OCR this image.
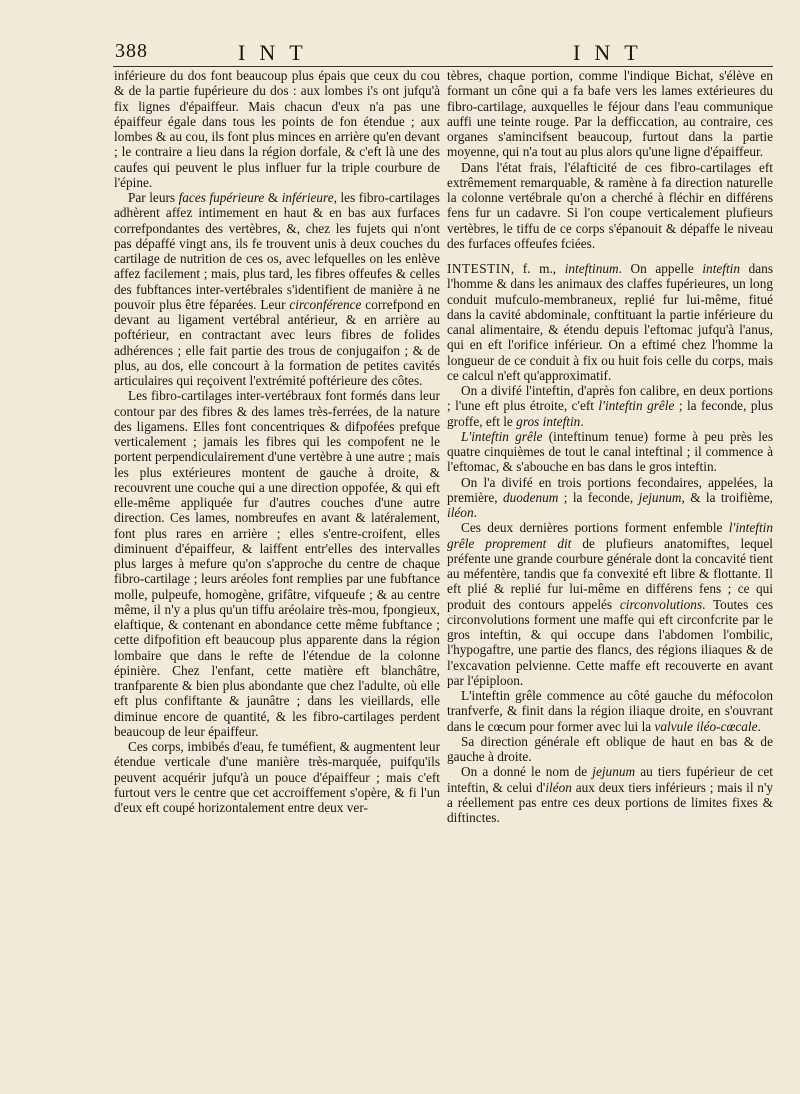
388	INT	INT

inférieure du dos font beaucoup plus épais que ceux du cou & de la partie fupérieure du dos : aux lombes i's ont jufqu'à fix lignes d'épaiffeur. Mais chacun d'eux n'a pas une épaiffeur égale dans tous les points de fon étendue ; aux lombes & au cou, ils font plus minces en arrière qu'en devant ; le contraire a lieu dans la région dorfale, & c'eft là une des caufes qui peuvent le plus influer fur la triple courbure de l'épine.

Par leurs faces fupérieure & inférieure, les fibro-cartilages adhèrent affez intimement en haut & en bas aux furfaces correfpondantes des vertèbres, &, chez les fujets qui n'ont pas dépaffé vingt ans, ils fe trouvent unis à deux couches du cartilage de nutrition de ces os, avec lefquelles on les enlève affez facilement ; mais, plus tard, les fibres offeufes & celles des fubftances inter-vertébrales s'identifient de manière à ne pouvoir plus être féparées. Leur circonférence correfpond en devant au ligament vertébral antérieur, & en arrière au poftérieur, en contractant avec leurs fibres de folides adhérences ; elle fait partie des trous de conjugaifon ; & de plus, au dos, elle concourt à la formation de petites cavités articulaires qui reçoivent l'extrémité poftérieure des côtes.

Les fibro-cartilages inter-vertébraux font formés dans leur contour par des fibres & des lames très-ferrées, de la nature des ligamens. Elles font concentriques & difpofées prefque verticalement ; jamais les fibres qui les compofent ne le portent perpendiculairement d'une vertèbre à une autre ; mais les plus extérieures montent de gauche à droite, & recouvrent une couche qui a une direction oppofée, & qui eft elle-même appliquée fur d'autres couches d'une autre direction. Ces lames, nombreufes en avant & latéralement, font plus rares en arrière ; elles s'entre-croifent, elles diminuent d'épaiffeur, & laiffent entr'elles des intervalles plus larges à mefure qu'on s'approche du centre de chaque fibro-cartilage ; leurs aréoles font remplies par une fubftance molle, pulpeufe, homogène, grifâtre, vifqueufe ; & au centre même, il n'y a plus qu'un tiffu aréolaire très-mou, fpongieux, elaftique, & contenant en abondance cette même fubftance ; cette difpofition eft beaucoup plus apparente dans la région lombaire que dans le refte de l'étendue de la colonne épinière. Chez l'enfant, cette matière eft blanchâtre, tranfparente & bien plus abondante que chez l'adulte, où elle eft plus confiftante & jaunâtre ; dans les vieillards, elle diminue encore de quantité, & les fibro-cartilages perdent beaucoup de leur épaiffeur.

Ces corps, imbibés d'eau, fe tuméfient, & augmentent leur étendue verticale d'une manière très-marquée, puifqu'ils peuvent acquérir jufqu'à un pouce d'épaiffeur ; mais c'eft furtout vers le centre que cet accroiffement s'opère, & fi l'un d'eux eft coupé horizontalement entre deux ver-

tèbres, chaque portion, comme l'indique Bichat, s'élève en formant un cône qui a fa bafe vers les lames extérieures du fibro-cartilage, auxquelles le féjour dans l'eau communique auffi une teinte rouge. Par la defficcation, au contraire, ces organes s'amincifsent beaucoup, furtout dans la partie moyenne, qui n'a tout au plus alors qu'une ligne d'épaiffeur.

Dans l'état frais, l'élafticité de ces fibro-cartilages eft extrêmement remarquable, & ramène à fa direction naturelle la colonne vertébrale qu'on a cherché à fléchir en différens fens fur un cadavre. Si l'on coupe verticalement plufieurs vertèbres, le tiffu de ce corps s'épanouit & dépaffe le niveau des furfaces offeufes fciées.

INTESTIN, f. m., inteftinum. On appelle inteftin dans l'homme & dans les animaux des claffes fupérieures, un long conduit mufculo-membraneux, replié fur lui-même, fitué dans la cavité abdominale, conftituant la partie inférieure du canal alimentaire, & étendu depuis l'eftomac jufqu'à l'anus, qui en eft l'orifice inférieur. On a eftimé chez l'homme la longueur de ce conduit à fix ou huit fois celle du corps, mais ce calcul n'eft qu'approximatif.

On a divifé l'inteftin, d'après fon calibre, en deux portions ; l'une eft plus étroite, c'eft l'inteftin grêle ; la feconde, plus groffe, eft le gros inteftin.

L'inteftin grêle (inteftinum tenue) forme à peu près les quatre cinquièmes de tout le canal inteftinal ; il commence à l'eftomac, & s'abouche en bas dans le gros inteftin.

On l'a divifé en trois portions fecondaires, appelées, la première, duodenum ; la feconde, jejunum, & la troifième, iléon.

Ces deux dernières portions forment enfemble l'inteftin grêle proprement dit de plufieurs anatomiftes, lequel préfente une grande courbure générale dont la concavité tient au méfentère, tandis que fa convexité eft libre & flottante. Il eft plié & replié fur lui-même en différens fens ; ce qui produit des contours appelés circonvolutions. Toutes ces circonvolutions forment une maffe qui eft circonfcrite par le gros inteftin, & qui occupe dans l'abdomen l'ombilic, l'hypogaftre, une partie des flancs, des régions iliaques & de l'excavation pelvienne. Cette maffe eft recouverte en avant par l'épiploon.

L'inteftin grêle commence au côté gauche du méfocolon tranfverfe, & finit dans la région iliaque droite, en s'ouvrant dans le cœcum pour former avec lui la valvule iléo-cœcale.

Sa direction générale eft oblique de haut en bas & de gauche à droite.

On a donné le nom de jejunum au tiers fupérieur de cet inteftin, & celui d'iléon aux deux tiers inférieurs ; mais il n'y a réellement pas entre ces deux portions de limites fixes & diftinctes.
